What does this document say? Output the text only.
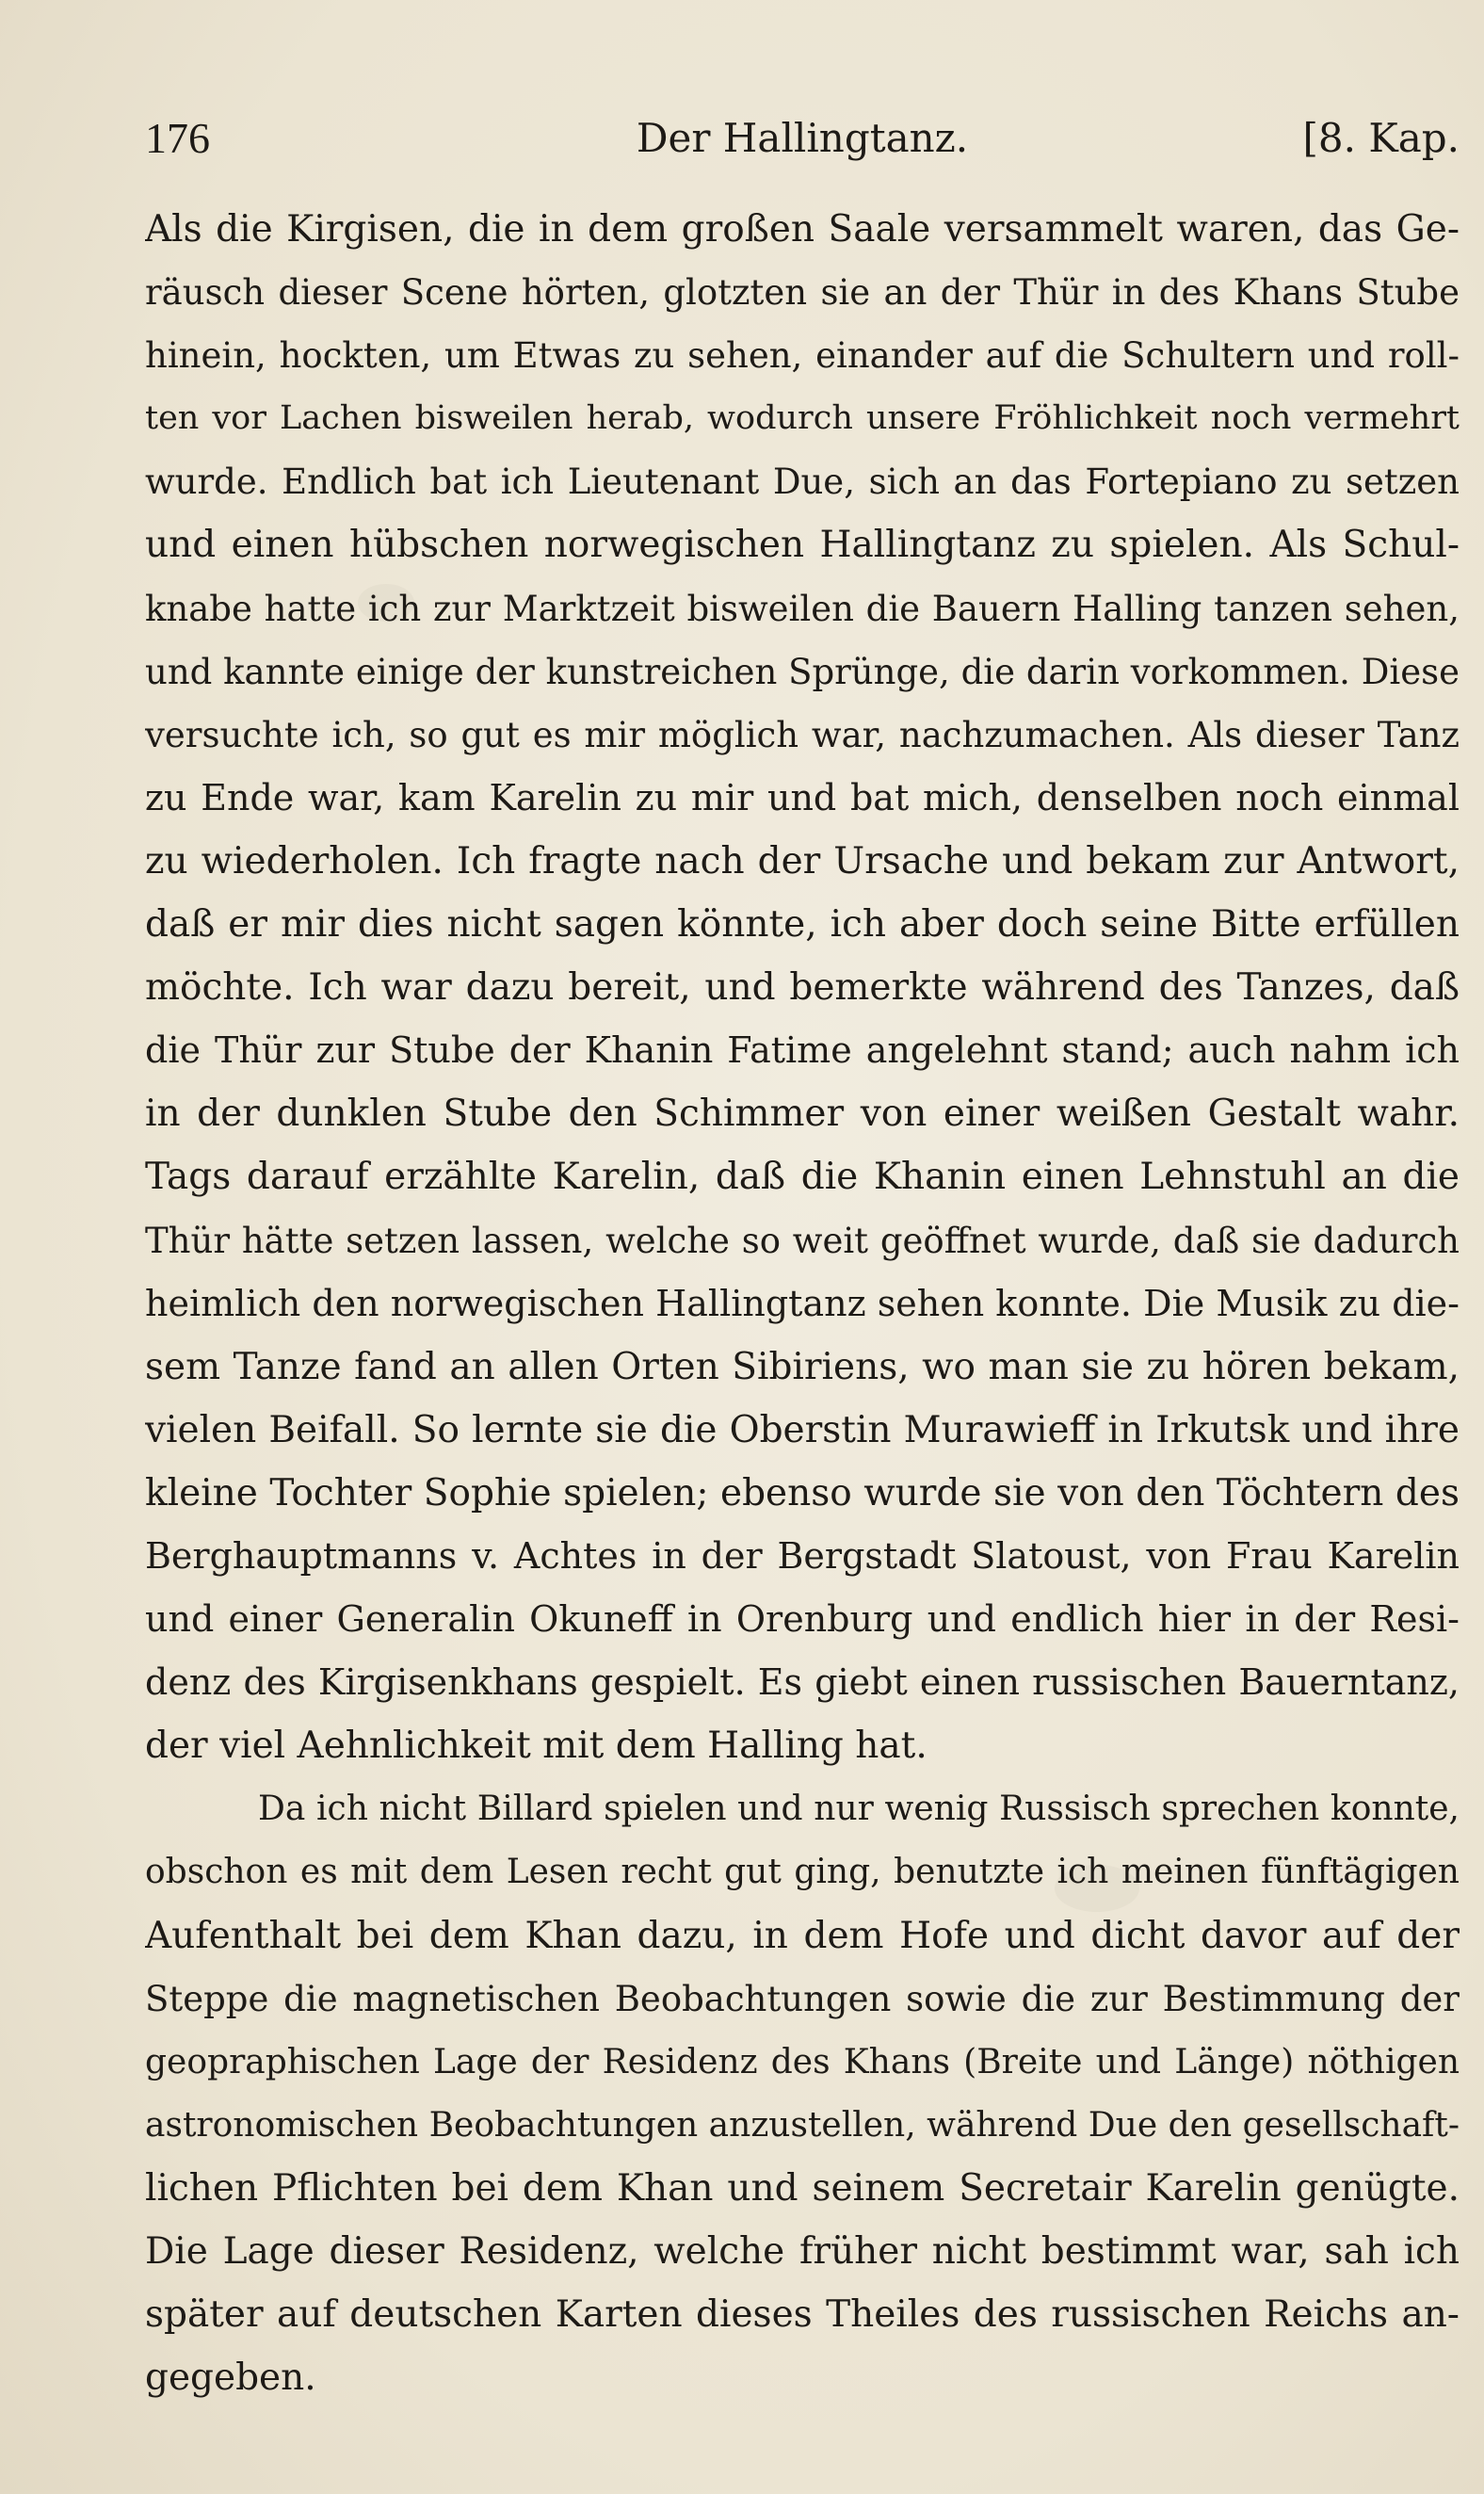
176	Der Hallingtanz.	[8. Kap.
Als die Kirgisen, die in dem großen Saale versammelt waren, das Ge-
räusch dieser Scene hörten, glotzten sie an der Thür in des Khans Stube
hinein, hockten, um Etwas zu sehen, einander auf die Schultern und roll-
ten vor Lachen bisweilen herab, wodurch unsere Fröhlichkeit noch vermehrt
wurde. Endlich bat ich Lieutenant Due, sich an das Fortepiano zu setzen
und einen hübschen norwegischen Hallingtanz zu spielen. Als Schul-
knabe hatte ich zur Marktzeit bisweilen die Bauern Halling tanzen sehen,
und kannte einige der kunstreichen Sprünge, die darin vorkommen. Diese
versuchte ich, so gut es mir möglich war, nachzumachen. Als dieser Tanz
zu Ende war, kam Karelin zu mir und bat mich, denselben noch einmal
zu wiederholen. Ich fragte nach der Ursache und bekam zur Antwort,
daß er mir dies nicht sagen könnte, ich aber doch seine Bitte erfüllen
möchte. Ich war dazu bereit, und bemerkte während des Tanzes, daß
die Thür zur Stube der Khanin Fatime angelehnt stand; auch nahm ich
in der dunklen Stube den Schimmer von einer weißen Gestalt wahr.
Tags darauf erzählte Karelin, daß die Khanin einen Lehnstuhl an die
Thür hätte setzen lassen, welche so weit geöffnet wurde, daß sie dadurch
heimlich den norwegischen Hallingtanz sehen konnte. Die Musik zu die-
sem Tanze fand an allen Orten Sibiriens, wo man sie zu hören bekam,
vielen Beifall. So lernte sie die Oberstin Murawieff in Irkutsk und ihre
kleine Tochter Sophie spielen; ebenso wurde sie von den Töchtern des
Berghauptmanns v. Achtes in der Bergstadt Slatoust, von Frau Karelin
und einer Generalin Okuneff in Orenburg und endlich hier in der Resi-
denz des Kirgisenkhans gespielt. Es giebt einen russischen Bauerntanz,
der viel Aehnlichkeit mit dem Halling hat.
Da ich nicht Billard spielen und nur wenig Russisch sprechen konnte,
obschon es mit dem Lesen recht gut ging, benutzte ich meinen fünftägigen
Aufenthalt bei dem Khan dazu, in dem Hofe und dicht davor auf der
Steppe die magnetischen Beobachtungen sowie die zur Bestimmung der
geopraphischen Lage der Residenz des Khans (Breite und Länge) nöthigen
astronomischen Beobachtungen anzustellen, während Due den gesellschaft-
lichen Pflichten bei dem Khan und seinem Secretair Karelin genügte.
Die Lage dieser Residenz, welche früher nicht bestimmt war, sah ich
später auf deutschen Karten dieses Theiles des russischen Reichs an-
gegeben.
